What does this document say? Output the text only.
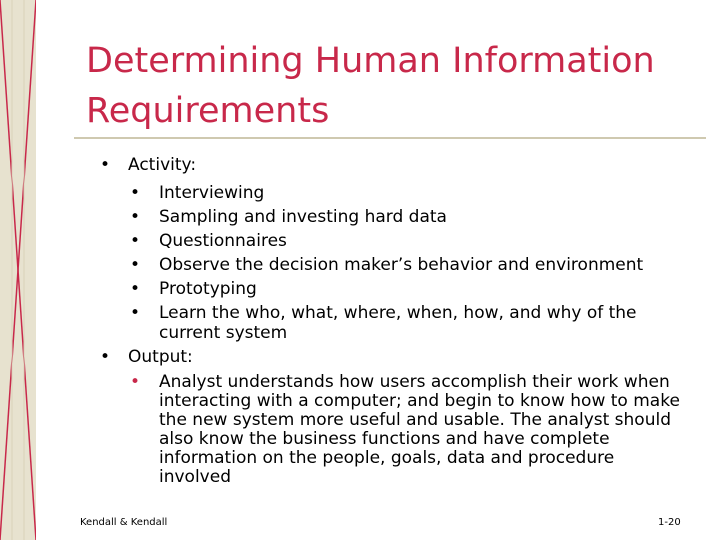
Determining Human Information Requirements
• Activity:
• Interviewing
• Sampling and investing hard data
• Questionnaires
• Observe the decision maker’s behavior and environment
• Prototyping
• Learn the who, what, where, when, how, and why of the current system
• Output:
• Analyst understands how users accomplish their work when interacting with a computer; and begin to know how to make the new system more useful and usable. The analyst should also know the business functions and have complete information on the people, goals, data and procedure involved
Kendall & Kendall	1-20
